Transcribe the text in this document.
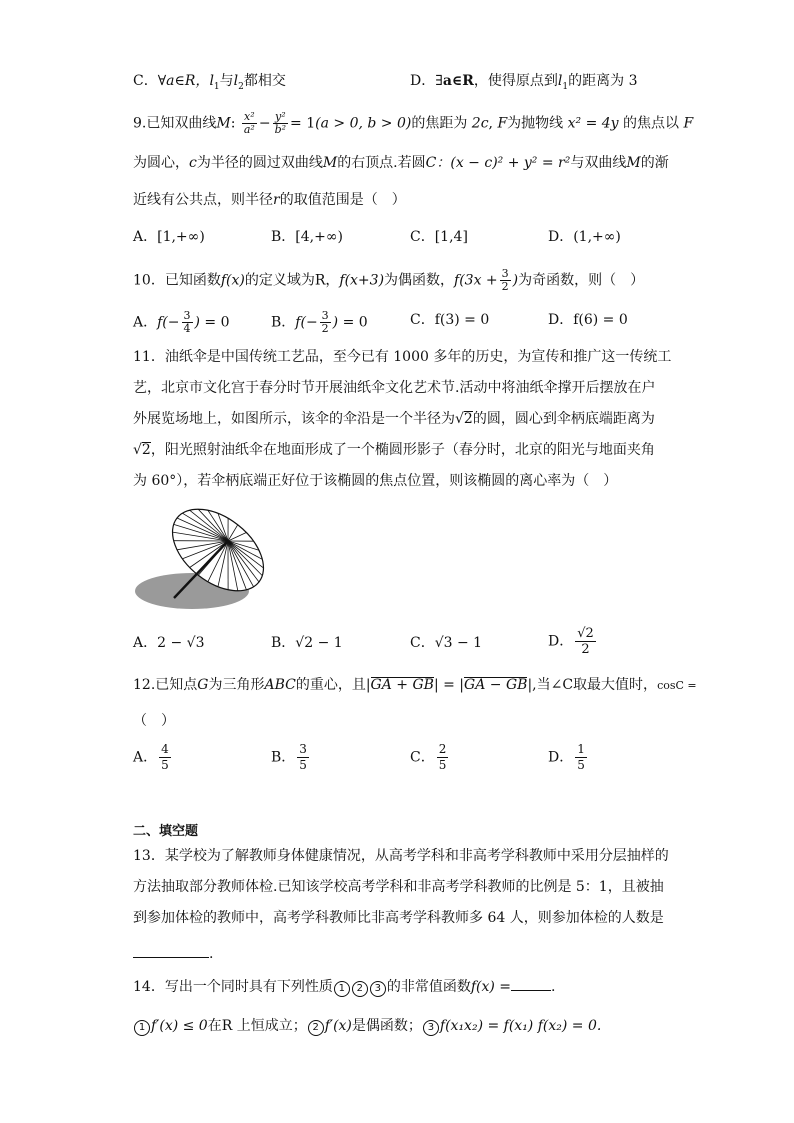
C．∀a∈R，$l_1$与$l_2$都相交	D．∃a∈R，使得原点到$l_1$的距离为 3
9.已知双曲线M: $\frac{\text{x²}}{\text{a²}} - \frac{\text{y²}}{\text{b²}} = 1(a > 0$, b > 0)的焦距为 2c, F为抛物线 x² = 4y 的焦点以 F
为圆心，c为半径的圆过双曲线M的右顶点.若圆C：(x − c)² + y² = r²与双曲线M的渐
近线有公共点，则半径r的取值范围是（　）
A．[1,+∞)	B．[4,+∞)	C．[1,4]	D．(1,+∞)
10．已知函数f(x)的定义域为R，f(x+3)为偶函数，$f(3x + \frac{3}{2}$ )为奇函数，则（　）
A．$f(- \frac{3}{4}$ ) = 0	B．$f(- \frac{3}{2}$ ) = 0	C．f(3) = 0	D．f(6) = 0
11．油纸伞是中国传统工艺品，至今已有 1000 多年的历史，为宣传和推广这一传统工
艺，北京市文化宫于春分时节开展油纸伞文化艺术节.活动中将油纸伞撑开后摆放在户
外展览场地上，如图所示，该伞的伞沿是一个半径为√2的圆，圆心到伞柄底端距离为
√2，阳光照射油纸伞在地面形成了一个椭圆形影子（春分时，北京的阳光与地面夹角
为 60°），若伞柄底端正好位于该椭圆的焦点位置，则该椭圆的离心率为（　）
A．2 − √3	B．√2 − 1	C．√3 − 1	D． $\frac{√2}{2}$
12.已知点G为三角形ABC的重心，且|GA + GB| = |GA − GB|,当∠C取最大值时，cosC =
（　）
A． $\frac{4}{5}$	B． $\frac{3}{5}$	C． $\frac{2}{5}$	D． $\frac{1}{5}$
二、填空题
13．某学校为了解教师身体健康情况，从高考学科和非高考学科教师中采用分层抽样的
方法抽取部分教师体检.已知该学校高考学科和非高考学科教师的比例是 5：1，且被抽
到参加体检的教师中，高考学科教师比非高考学科教师多 64 人，则参加体检的人数是
.
14．写出一个同时具有下列性质 1 2 3 的非常值函数f(x) =	.
1 f′(x) ≤ 0在R 上恒成立； 2 f′(x)是偶函数； 3 f(x₁x₂) = f(x₁) f(x₂) = 0.
